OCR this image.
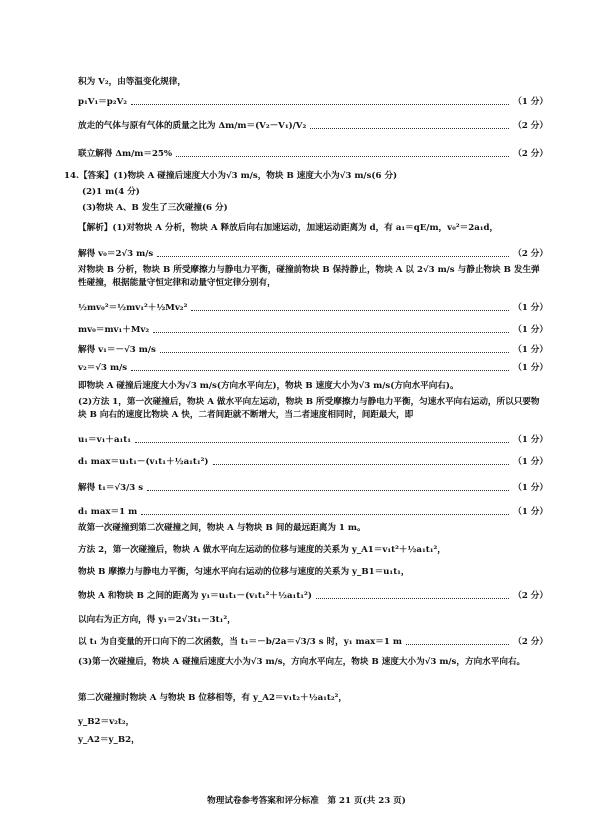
积为 V₂，由等温变化规律，
p₁V₁＝p₂V₂	（1 分）
放走的气体与原有气体的质量之比为 Δm/m＝(V₂－V₁)/V₂	（2 分）
联立解得 Δm/m＝25%	（2 分）
14.【答案】(1)物块 A 碰撞后速度大小为√3 m/s，物块 B 速度大小为√3 m/s(6 分)
(2)1 m(4 分)
(3)物块 A、B 发生了三次碰撞(6 分)
【解析】(1)对物块 A 分析，物块 A 释放后向右加速运动，加速运动距离为 d，有 a₁＝qE/m，v₀²＝2a₁d，
解得 v₀＝2√3 m/s	（2 分）
对物块 B 分析，物块 B 所受摩擦力与静电力平衡，碰撞前物块 B 保持静止，物块 A 以 2√3 m/s 与静止物块 B 发生弹性碰撞，根据能量守恒定律和动量守恒定律分别有，
½mv₀²＝½mv₁²＋½Mv₂²	（1 分）
mv₀＝mv₁＋Mv₂	（1 分）
解得 v₁＝－√3 m/s	（1 分）
v₂＝√3 m/s	（1 分）
即物块 A 碰撞后速度大小为√3 m/s(方向水平向左)，物块 B 速度大小为√3 m/s(方向水平向右)。
(2)方法 1，第一次碰撞后，物块 A 做水平向左运动，物块 B 所受摩擦力与静电力平衡，匀速水平向右运动，所以只要物块 B 向右的速度比物块 A 快，二者间距就不断增大，当二者速度相同时，间距最大，即
u₁＝v₁＋a₁t₁	（1 分）
d₁ max＝u₁t₁－(v₁t₁＋½a₁t₁²)	（1 分）
解得 t₁＝√3/3 s	（1 分）
d₁ max＝1 m	（1 分）
故第一次碰撞到第二次碰撞之间，物块 A 与物块 B 间的最远距离为 1 m。
方法 2，第一次碰撞后，物块 A 做水平向左运动的位移与速度的关系为 y_A1＝v₁t²＋½a₁t₁²，
物块 B 摩擦力与静电力平衡，匀速水平向右运动的位移与速度的关系为 y_B1＝u₁t₁，
物块 A 和物块 B 之间的距离为 y₁＝u₁t₁－(v₁t₁²＋½a₁t₁²)	（2 分）
以向右为正方向，得 y₁＝2√3t₁－3t₁²，
以 t₁ 为自变量的开口向下的二次函数，当 t₁＝－b/2a＝√3/3 s 时，y₁ max＝1 m	（2 分）
(3)第一次碰撞后，物块 A 碰撞后速度大小为√3 m/s，方向水平向左，物块 B 速度大小为√3 m/s，方向水平向右。
第二次碰撞时物块 A 与物块 B 位移相等，有 y_A2＝v₁t₂＋½a₁t₂²，
y_B2＝v₂t₂，
y_A2＝y_B2，
物理试卷参考答案和评分标准　第 21 页(共 23 页)
